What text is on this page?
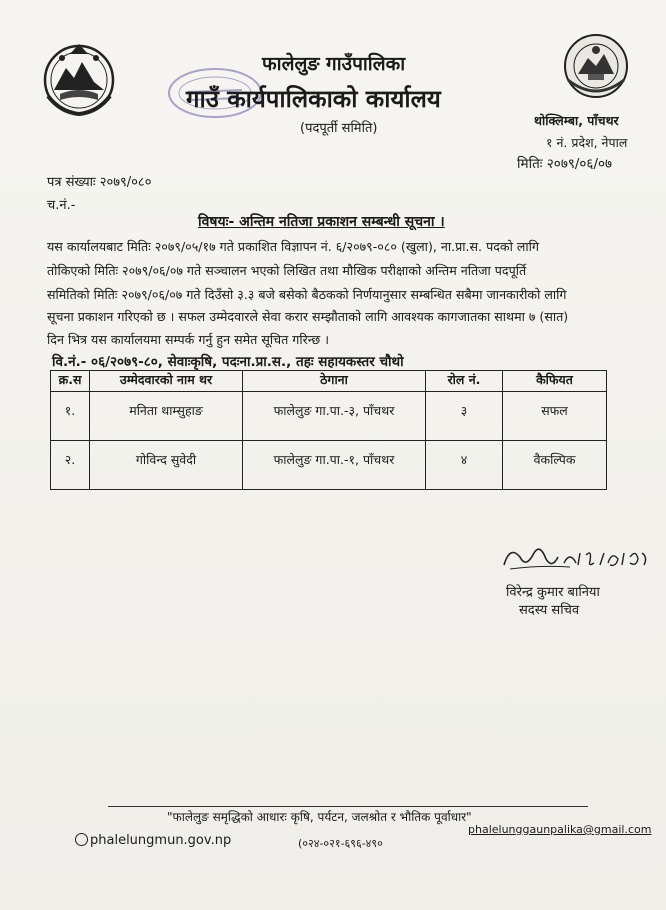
फालेलुङ गाउँपालिका
गाउँ कार्यपालिकाको कार्यालय
(पदपूर्ती समिति)
थोक्लिम्बा, पाँचथर
१ नं. प्रदेश, नेपाल
मितिः २०७९/०६/०७
पत्र संख्याः २०७९/०८०
च.नं.-
विषयः- अन्तिम नतिजा प्रकाशन सम्बन्धी सूचना ।
यस कार्यालयबाट मितिः २०७९/०५/१७ गते प्रकाशित विज्ञापन नं. ६/२०७९-०८० (खुला), ना.प्रा.स. पदको लागि
तोकिएको मितिः २०७९/०६/०७ गते सञ्चालन भएको लिखित तथा मौखिक परीक्षाको अन्तिम नतिजा पदपूर्ति
समितिको मितिः २०७९/०६/०७ गते दिउँसो ३.३ बजे बसेको बैठकको निर्णयानुसार सम्बन्धित सबैमा जानकारीको लागि
सूचना प्रकाशन गरिएको छ । सफल उम्मेदवारले सेवा करार सम्झौताको लागि आवश्यक कागजातका साथमा ७ (सात)
दिन भित्र यस कार्यालयमा सम्पर्क गर्नु हुन समेत सूचित गरिन्छ ।
वि.नं.- ०६/२०७९-८०, सेवाःकृषि, पदःना.प्रा.स., तहः सहायकस्तर चौथो
क्र.स	उम्मेदवारको नाम थर	ठेगाना	रोल नं.	कैफियत
१.	मनिता थाम्सुहाङ	फालेलुङ गा.पा.-३, पाँचथर	३	सफल
२.	गोविन्द सुवेदी	फालेलुङ गा.पा.-१, पाँचथर	४	वैकल्पिक
विरेन्द्र कुमार बानिया
सदस्य सचिव
"फालेलुङ समृद्धिको आधारः कृषि, पर्यटन, जलश्रोत र भौतिक पूर्वाधार"
phalelungmun.gov.np	(०२४-०२१-६९६-४९०
phalelunggaunpalika@gmail.com
